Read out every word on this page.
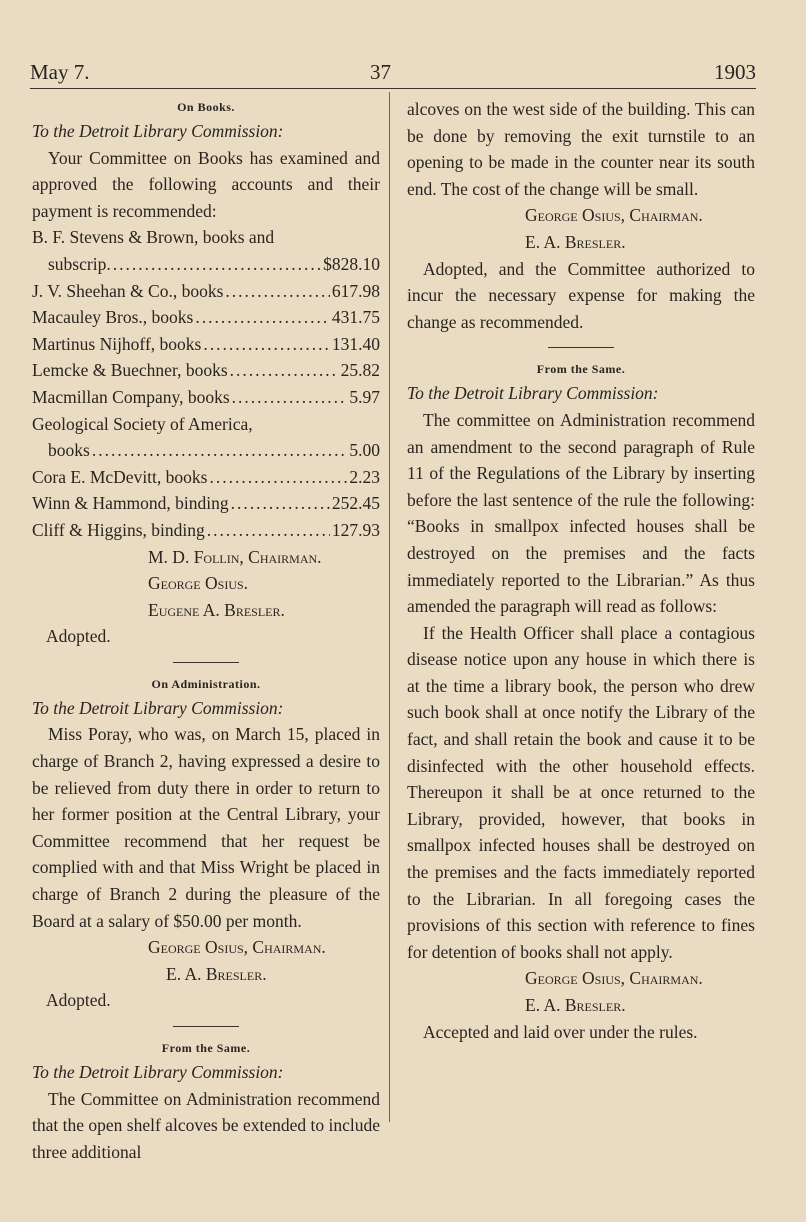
May 7.	37	1903
On Books.
To the Detroit Library Commission:
Your Committee on Books has examined and approved the following accounts and their payment is recommended:
B. F. Stevens & Brown, books and
subscrip. .....	$828.10
J. V. Sheehan & Co., books .....	617.98
Macauley Bros., books .....	431.75
Martinus Nijhoff, books .....	131.40
Lemcke & Buechner, books .....	25.82
Macmillan Company, books .....	5.97
Geological Society of America,
books .....	5.00
Cora E. McDevitt, books .....	2.23
Winn & Hammond, binding .....	252.45
Cliff & Higgins, binding .....	127.93
M. D. Follin, Chairman.
George Osius.
Eugene A. Bresler.
Adopted.
On Administration.
To the Detroit Library Commission:
Miss Poray, who was, on March 15, placed in charge of Branch 2, having expressed a desire to be relieved from duty there in order to return to her former position at the Central Library, your Committee recommend that her request be complied with and that Miss Wright be placed in charge of Branch 2 during the pleasure of the Board at a salary of $50.00 per month.
George Osius, Chairman.
E. A. Bresler.
Adopted.
From the Same.
To the Detroit Library Commission:
The Committee on Administration recommend that the open shelf alcoves be extended to include three additional
alcoves on the west side of the building. This can be done by removing the exit turnstile to an opening to be made in the counter near its south end. The cost of the change will be small.
George Osius, Chairman.
E. A. Bresler.
Adopted, and the Committee authorized to incur the necessary expense for making the change as recommended.
From the Same.
To the Detroit Library Commission:
The committee on Administration recommend an amendment to the second paragraph of Rule 11 of the Regulations of the Library by inserting before the last sentence of the rule the following: “Books in smallpox infected houses shall be destroyed on the premises and the facts immediately reported to the Librarian.” As thus amended the paragraph will read as follows:
If the Health Officer shall place a contagious disease notice upon any house in which there is at the time a library book, the person who drew such book shall at once notify the Library of the fact, and shall retain the book and cause it to be disinfected with the other household effects. Thereupon it shall be at once returned to the Library, provided, however, that books in smallpox infected houses shall be destroyed on the premises and the facts immediately reported to the Librarian. In all foregoing cases the provisions of this section with reference to fines for detention of books shall not apply.
George Osius, Chairman.
E. A. Bresler.
Accepted and laid over under the rules.
